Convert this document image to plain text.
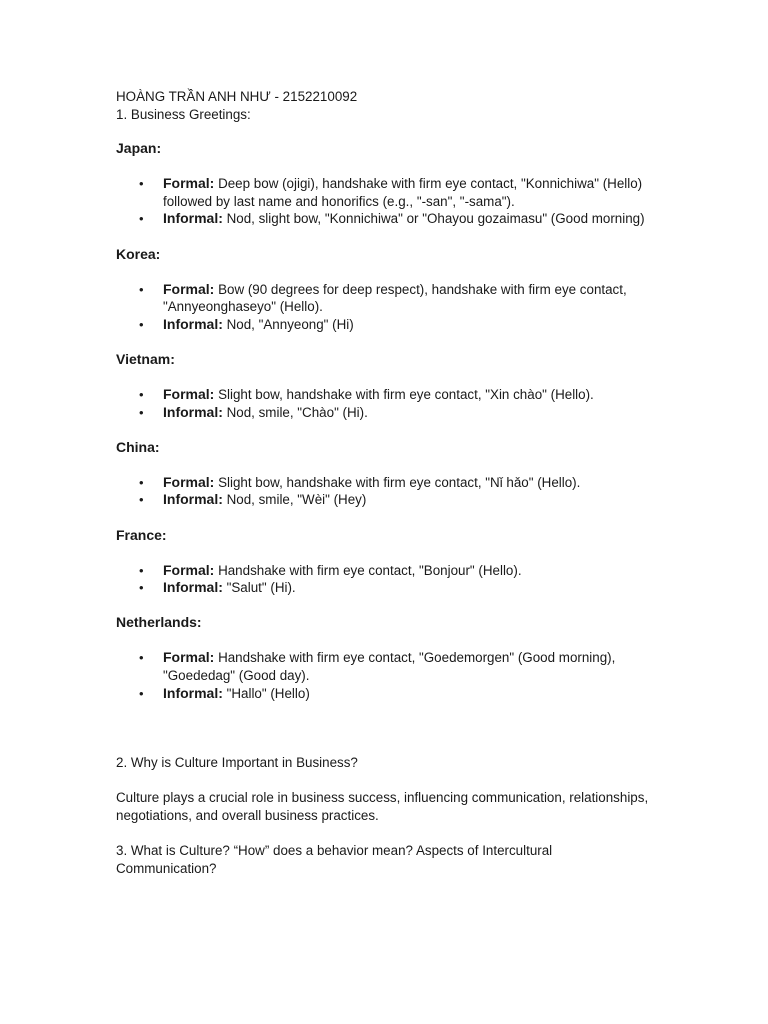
HOÀNG TRẦN ANH NHƯ - 2152210092

1. Business Greetings:

Japan:

• Formal: Deep bow (ojigi), handshake with firm eye contact, "Konnichiwa" (Hello) followed by last name and honorifics (e.g., "-san", "-sama").
• Informal: Nod, slight bow, "Konnichiwa" or "Ohayou gozaimasu" (Good morning)

Korea:

• Formal: Bow (90 degrees for deep respect), handshake with firm eye contact, "Annyeonghaseyo" (Hello).
• Informal: Nod, "Annyeong" (Hi)

Vietnam:

• Formal: Slight bow, handshake with firm eye contact, "Xin chào" (Hello).
• Informal: Nod, smile, "Chào" (Hi).

China:

• Formal: Slight bow, handshake with firm eye contact, "Nǐ hǎo" (Hello).
• Informal: Nod, smile, "Wèi" (Hey)

France:

• Formal: Handshake with firm eye contact, "Bonjour" (Hello).
• Informal: "Salut" (Hi).

Netherlands:

• Formal: Handshake with firm eye contact, "Goedemorgen" (Good morning), "Goededag" (Good day).
• Informal: "Hallo" (Hello)

2. Why is Culture Important in Business?

Culture plays a crucial role in business success, influencing communication, relationships, negotiations, and overall business practices.

3. What is Culture? “How” does a behavior mean? Aspects of Intercultural Communication?
